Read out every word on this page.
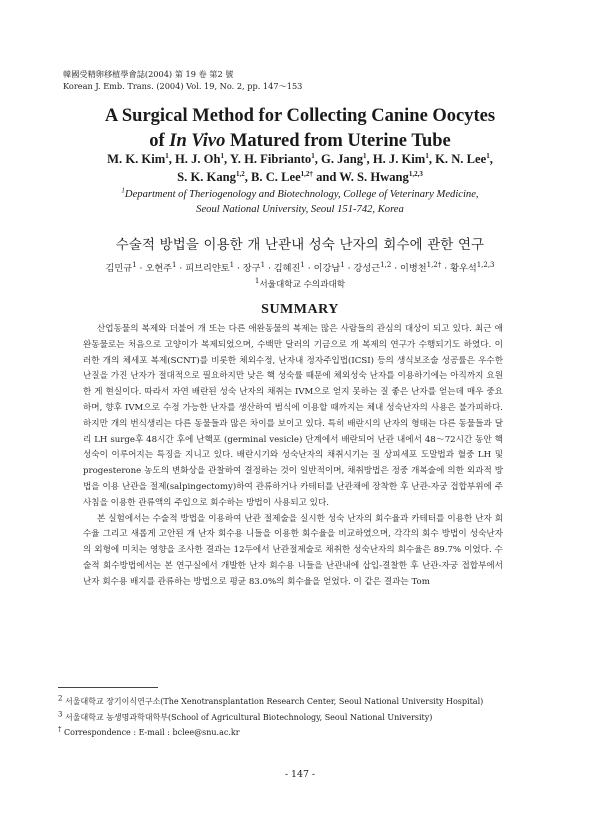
韓國受精卵移植學會誌(2004) 第 19 卷 第2 號
Korean J. Emb. Trans. (2004) Vol. 19, No. 2, pp. 147～153
A Surgical Method for Collecting Canine Oocytes
of In Vivo Matured from Uterine Tube
M. K. Kim$^1$, H. J. Oh$^1$, Y. H. Fibrianto$^1$, G. Jang$^1$, H. J. Kim$^1$, K. N. Lee$^1$,
S. K. Kang$^{1,2}$, B. C. Lee$^{1,2\dagger}$ and W. S. Hwang$^{1,2,3}$
$^1$Department of Theriogenology and Biotechnology, College of Veterinary Medicine,
Seoul National University, Seoul 151-742, Korea
수술적 방법을 이용한 개 난관내 성숙 난자의 회수에 관한 연구
김민규$^1$ · 오현주$^1$ · 피브리얀토$^1$ · 장구$^1$ · 김혜진$^1$ · 이강남$^1$ · 강성근$^{1,2}$ · 이병천$^{1,2\dagger}$ · 황우석$^{1,2,3}$
$^1$서울대학교 수의과대학
SUMMARY

산업동물의 복제와 더불어 개 또는 다른 애완동물의 복제는 많은 사람들의 관심의 대상이 되고 있다. 최근 애완동물로는 처음으로 고양이가 복제되었으며, 수백만 달러의 기금으로 개 복제의 연구가 수행되기도 하였다. 이러한 개의 체세포 복제(SCNT)를 비롯한 체외수정, 난자내 정자주입법(ICSI) 등의 생식보조술 성공률은 우수한 난질을 가진 난자가 절대적으로 필요하지만 낮은 핵 성숙률 때문에 체외성숙 난자를 이용하기에는 아직까지 요원한 게 현실이다. 따라서 자연 배란된 성숙 난자의 채취는 IVM으로 얻지 못하는 질 좋은 난자를 얻는데 매우 중요하며, 향후 IVM으로 수정 가능한 난자를 생산하여 범식에 이용할 때까지는 체내 성숙난자의 사용은 불가피하다. 하지만 개의 번식생리는 다른 동물들과 많은 차이를 보이고 있다. 특히 배란시의 난자의 형태는 다른 동물들과 달리 LH surge후 48시간 후에 난핵포 (germinal vesicle) 단계에서 배란되어 난관 내에서 48～72시간 동안 핵 성숙이 이루어지는 특징을 지니고 있다. 배란시기와 성숙난자의 채취시기는 질 상피세포 도말법과 혈중 LH 및 progesterone 농도의 변화상을 관찰하여 결정하는 것이 일반적이며, 채취방법은 정중 개복술에 의한 외과적 방법을 이용 난관을 절제(salpingectomy)하여 관류하거나 카테터를 난관채에 장착한 후 난관-자궁 접합부위에 주사침을 이용한 관류액의 주입으로 회수하는 방법이 사용되고 있다.

본 실험에서는 수술적 방법을 이용하여 난관 절제술을 실시한 성숙 난자의 회수율과 카테터를 이용한 난자 회수율 그리고 새롭게 고안된 개 난자 회수용 니들을 이용한 회수율을 비교하였으며, 각각의 회수 방법이 성숙난자의 외형에 미치는 영향을 조사한 결과는 12두에서 난관절제술로 채취한 성숙난자의 회수율은 89.7% 이었다. 수술적 회수방법에서는 본 연구실에서 개발한 난자 회수용 니들을 난관내에 삽입-결찰한 후 난관-자궁 접합부에서 난자 회수용 배지를 관류하는 방법으로 평균 83.0%의 회수율을 얻었다. 이 같은 결과는 Tom

$^2$ 서울대학교 장기이식연구소(The Xenotransplantation Research Center, Seoul National University Hospital)
$^3$ 서울대학교 농생명과학대학부(School of Agricultural Biotechnology, Seoul National University)
† Correspondence : E-mail : bclee@snu.ac.kr
- 147 -
